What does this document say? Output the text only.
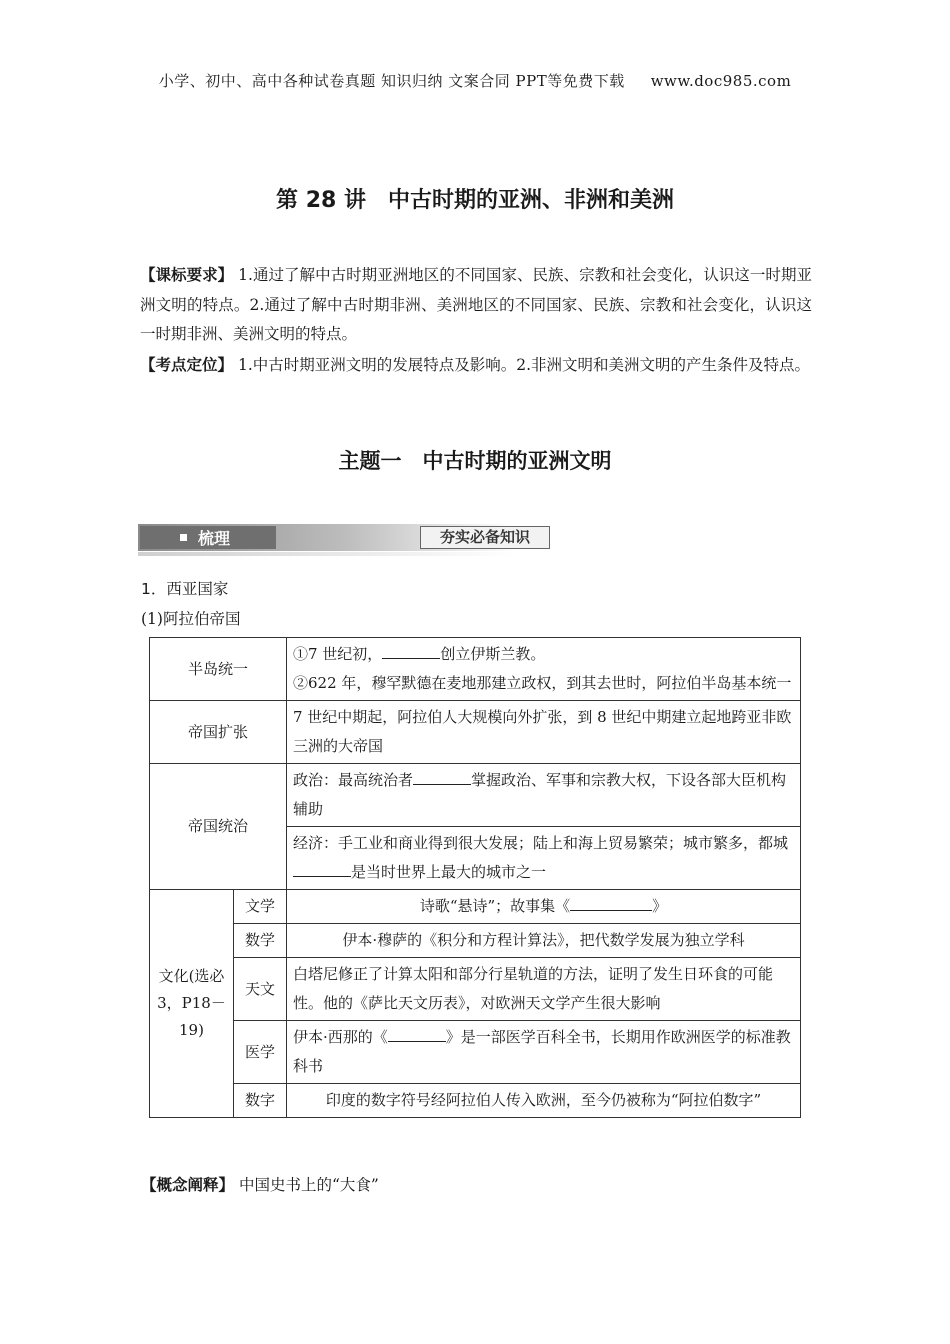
小学、初中、高中各种试卷真题 知识归纳 文案合同 PPT等免费下载 www.doc985.com
第 28 讲　中古时期的亚洲、非洲和美洲
【课标要求】 1.通过了解中古时期亚洲地区的不同国家、民族、宗教和社会变化，认识这一时期亚洲文明的特点。2.通过了解中古时期非洲、美洲地区的不同国家、民族、宗教和社会变化，认识这一时期非洲、美洲文明的特点。
【考点定位】 1.中古时期亚洲文明的发展特点及影响。2.非洲文明和美洲文明的产生条件及特点。
主题一　中古时期的亚洲文明
梳理	夯实必备知识
1．西亚国家
(1)阿拉伯帝国
半岛统一		①7 世纪初， 创立伊斯兰教。
②622 年，穆罕默德在麦地那建立政权，到其去世时，阿拉伯半岛基本统一

帝国扩张		7 世纪中期起，阿拉伯人大规模向外扩张，到 8 世纪中期建立起地跨亚非欧三洲的大帝国
帝国统治		政治：最高统治者 掌握政治、军事和宗教大权，下设各部大臣机构辅助
		经济：手工业和商业得到很大发展；陆上和海上贸易繁荣；城市繁多，都城是当时世界上最大的城市之一
文化(选必 3，P18－19)	文学	诗歌“悬诗”；故事集《 》
	数学	伊本·穆萨的《积分和方程计算法》，把代数学发展为独立学科
	天文	白塔尼修正了计算太阳和部分行星轨道的方法，证明了发生日环食的可能性。他的《萨比天文历表》，对欧洲天文学产生很大影响
	医学	伊本·西那的《 》是一部医学百科全书，长期用作欧洲医学的标准教科书
	数字	印度的数字符号经阿拉伯人传入欧洲，至今仍被称为“阿拉伯数字”
【概念阐释】 中国史书上的“大食”
